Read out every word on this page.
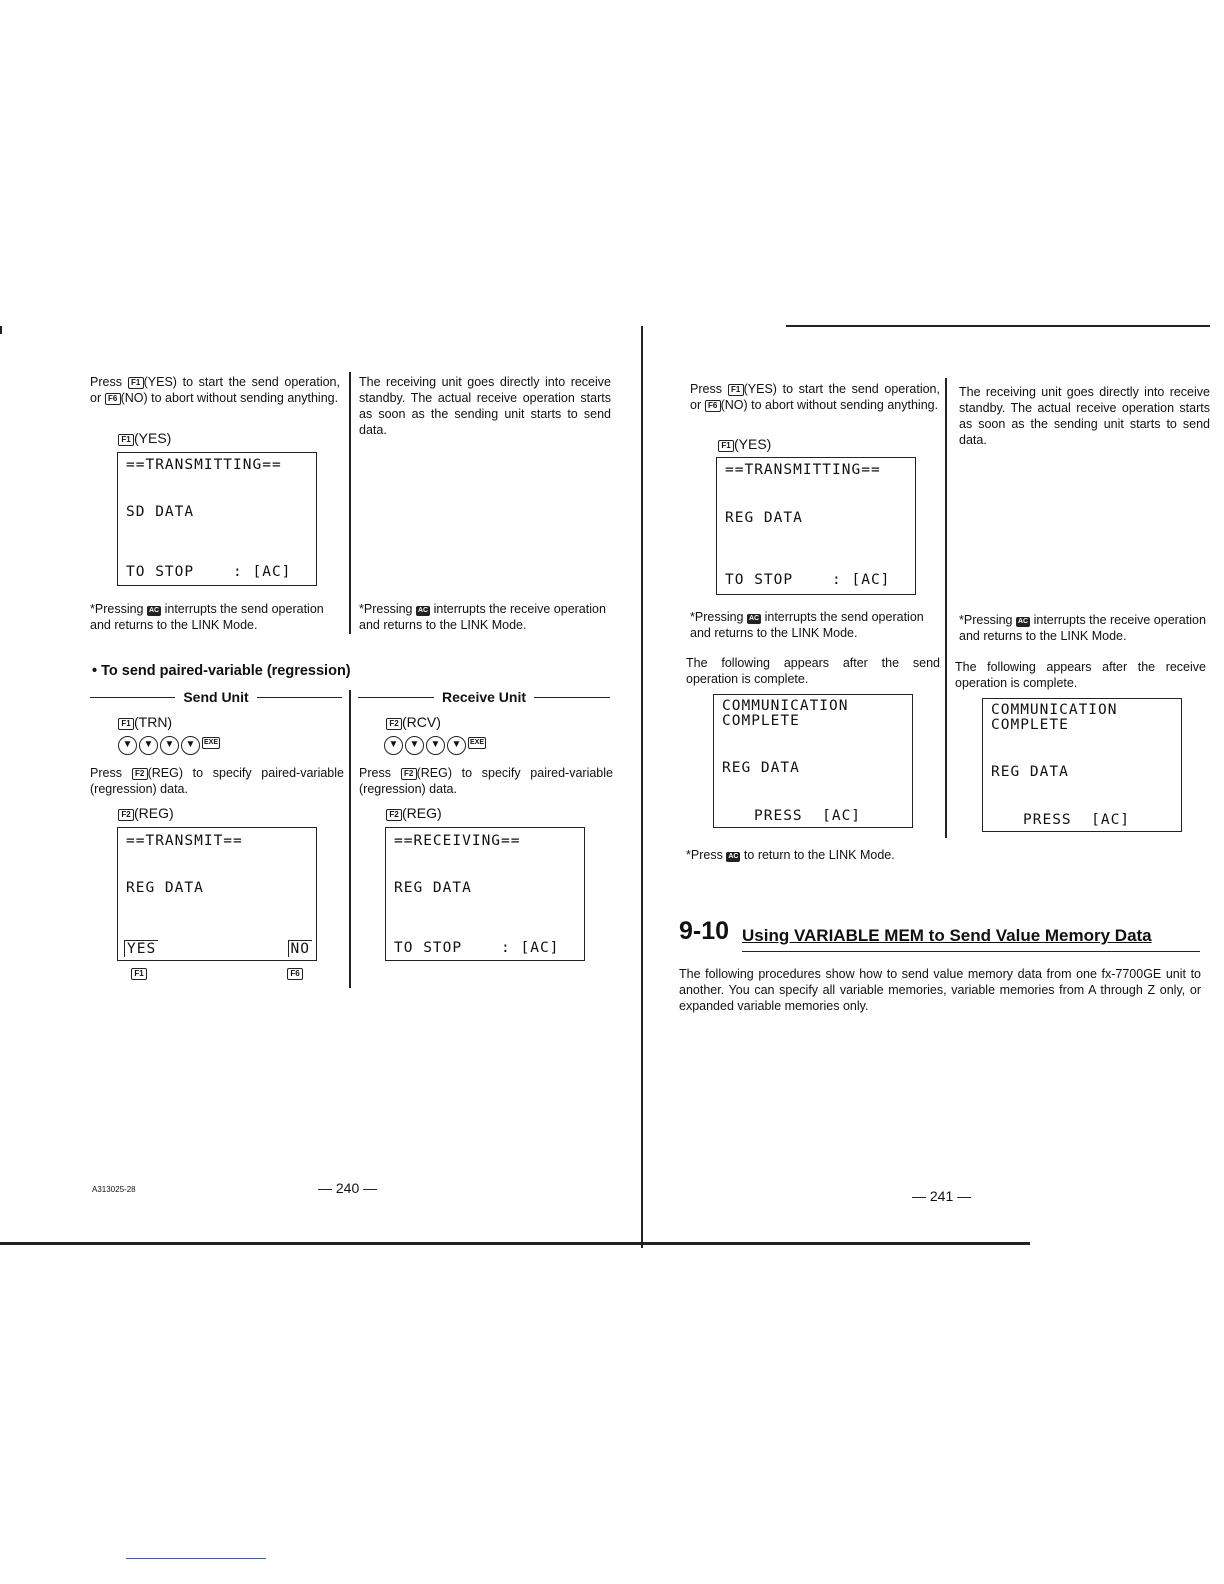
Press F1 (YES) to start the send operation, or F6 (NO) to abort without sending anything.
F1 (YES)
==TRANSMITTING==
SD DATA
TO STOP    : [AC]
*Pressing AC interrupts the send operation and returns to the LINK Mode.
The receiving unit goes directly into receive standby. The actual receive operation starts as soon as the sending unit starts to send data.
*Pressing AC interrupts the receive operation and returns to the LINK Mode.
• To send paired-variable (regression)
Send Unit	Receive Unit
F1 (TRN)
▼ ▼ ▼ ▼ EXE
F2 (RCV)
▼ ▼ ▼ ▼ EXE
Press F2 (REG) to specify paired-variable (regression) data.
Press F2 (REG) to specify paired-variable (regression) data.
F2 (REG)	F2 (REG)
==TRANSMIT==
REG DATA
YES	NO
F1	F6
==RECEIVING==
REG DATA
TO STOP    : [AC]
A313025-28	— 240 —
Press F1 (YES) to start the send operation, or F6 (NO) to abort without sending anything.
F1 (YES)
==TRANSMITTING==
REG DATA
TO STOP    : [AC]
*Pressing AC interrupts the send operation and returns to the LINK Mode.
The following appears after the send operation is complete.
COMMUNICATION
COMPLETE
REG DATA
PRESS  [AC]
*Press AC to return to the LINK Mode.
The receiving unit goes directly into receive standby. The actual receive operation starts as soon as the sending unit starts to send data.
*Pressing AC interrupts the receive operation and returns to the LINK Mode.
The following appears after the receive operation is complete.
COMMUNICATION
COMPLETE
REG DATA
PRESS  [AC]
9-10 Using VARIABLE MEM to Send Value Memory Data
The following procedures show how to send value memory data from one fx-7700GE unit to another. You can specify all variable memories, variable memories from A through Z only, or expanded variable memories only.
— 241 —
